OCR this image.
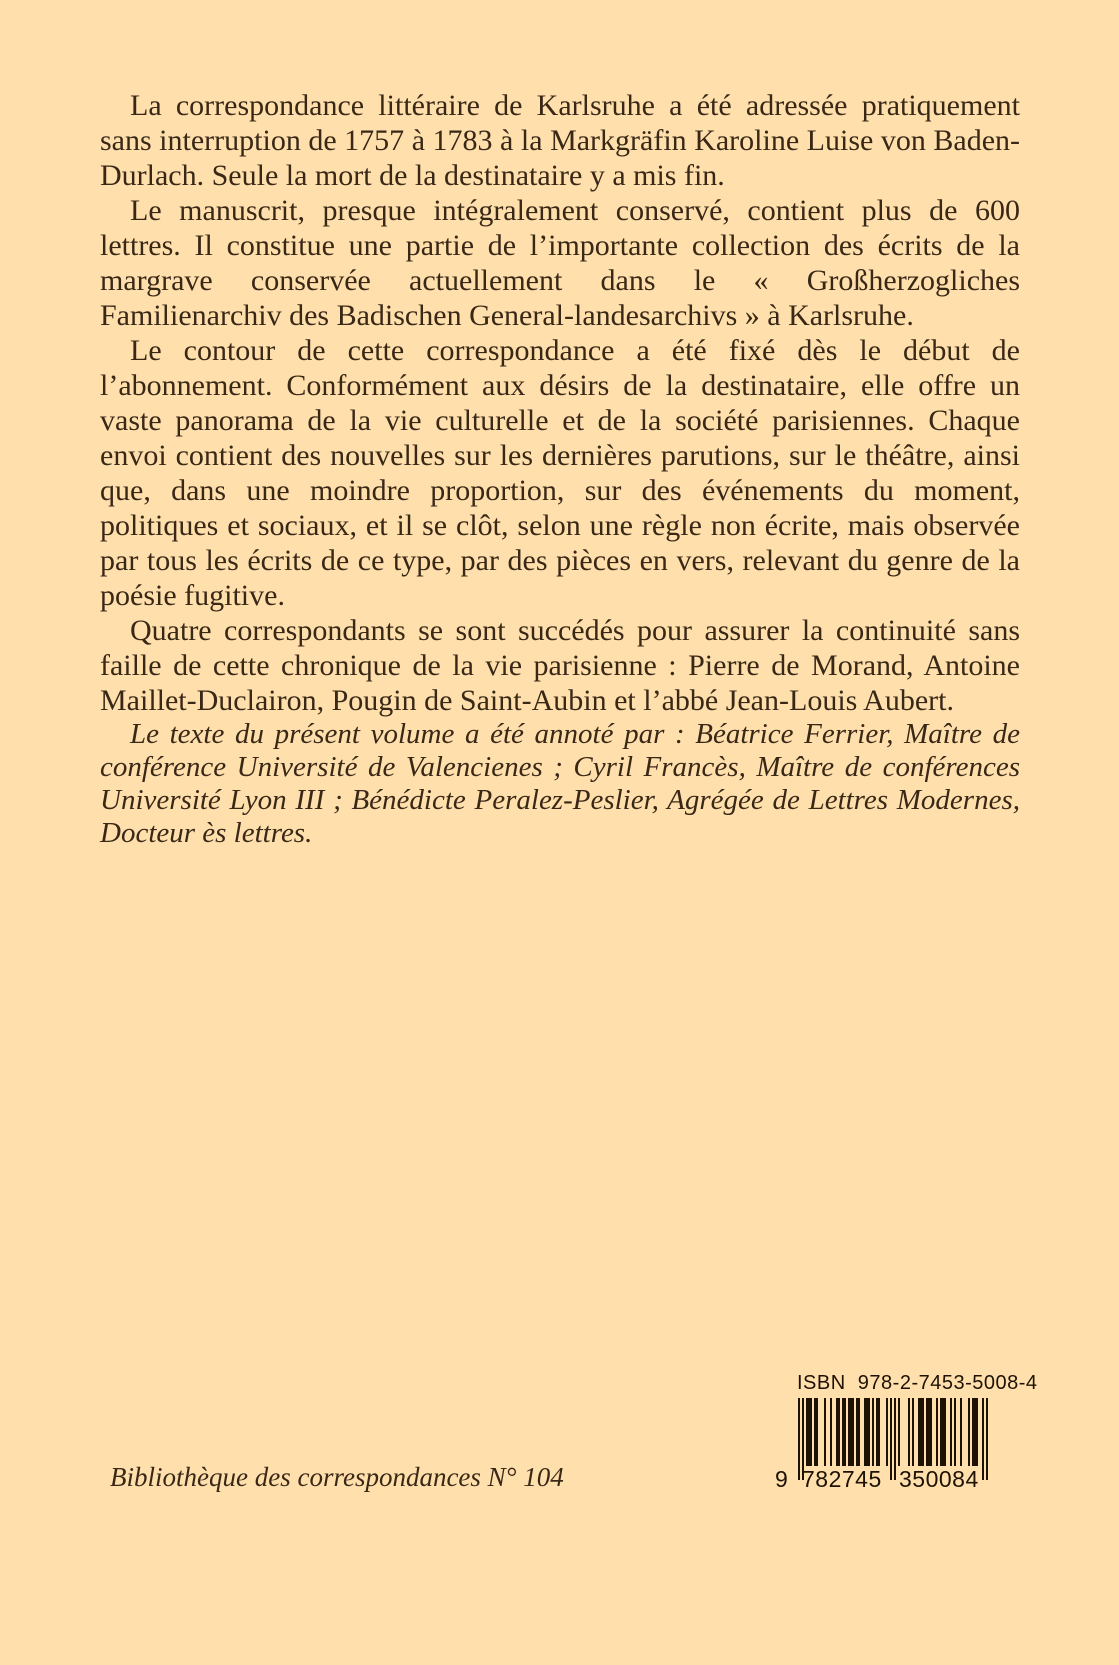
La correspondance littéraire de Karlsruhe a été adressée pratiquement sans interruption de 1757 à 1783 à la Markgräfin Karoline Luise von Baden-Durlach. Seule la mort de la destinataire y a mis fin.

Le manuscrit, presque intégralement conservé, contient plus de 600 lettres. Il constitue une partie de l’importante collection des écrits de la margrave conservée actuellement dans le « Großherzogliches Familienarchiv des Badischen General-landesarchivs » à Karlsruhe.

Le contour de cette correspondance a été fixé dès le début de l’abonnement. Conformément aux désirs de la destinataire, elle offre un vaste panorama de la vie culturelle et de la société parisiennes. Chaque envoi contient des nouvelles sur les dernières parutions, sur le théâtre, ainsi que, dans une moindre proportion, sur des événements du moment, politiques et sociaux, et il se clôt, selon une règle non écrite, mais observée par tous les écrits de ce type, par des pièces en vers, relevant du genre de la poésie fugitive.

Quatre correspondants se sont succédés pour assurer la continuité sans faille de cette chronique de la vie parisienne : Pierre de Morand, Antoine Maillet-Duclairon, Pougin de Saint-Aubin et l’abbé Jean-Louis Aubert.

Le texte du présent volume a été annoté par : Béatrice Ferrier, Maître de conférence Université de Valencienes ; Cyril Francès, Maître de conférences Université Lyon III ; Bénédicte Peralez-Peslier, Agrégée de Lettres Modernes, Docteur ès lettres.

Bibliothèque des correspondances N° 104

ISBN  978-2-7453-5008-4

9 782745 350084
